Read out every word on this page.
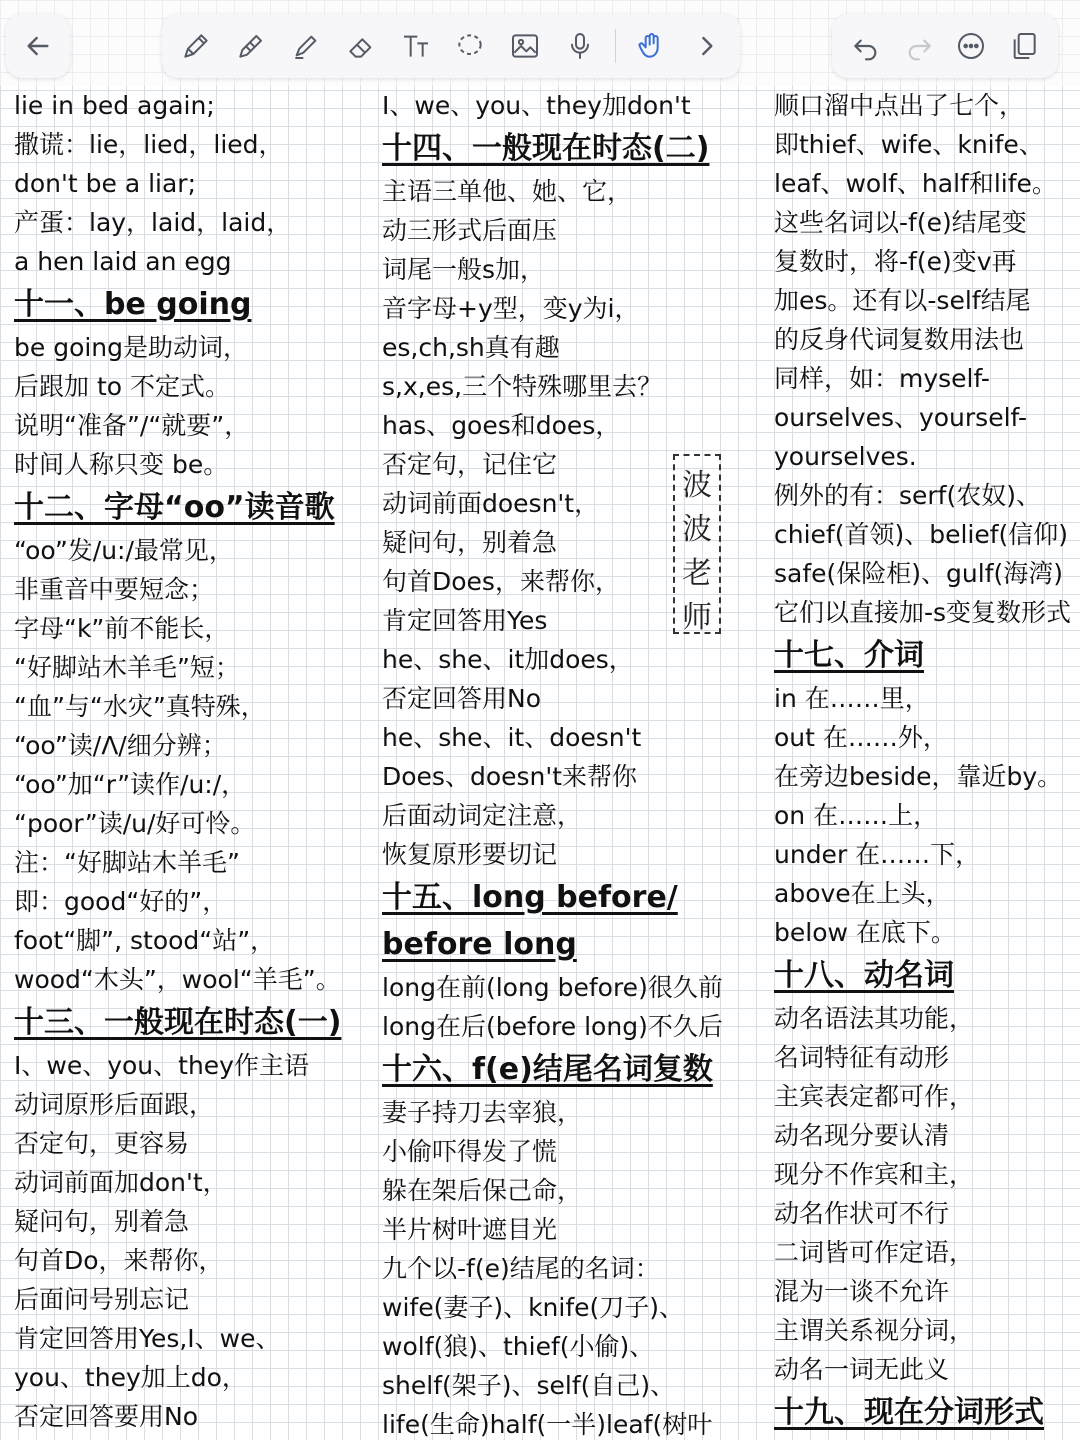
lie in bed again;
撒谎：lie，lied，lied，
don't be a liar;
产蛋：lay，laid，laid，
a hen laid an egg
十一、be going
be going是助动词，
后跟加 to 不定式。
说明“准备”/“就要”，
时间人称只变 be。
十二、字母“oo”读音歌
“oo”发/u:/最常见，
非重音中要短念；
字母“k”前不能长，
“好脚站木羊毛”短；
“血”与“水灾”真特殊，
“oo”读/Λ/细分辨；
“oo”加“r”读作/u:/，
“poor”读/u/好可怜。
注：“好脚站木羊毛”
即：good“好的”，
foot“脚”, stood“站”，
wood“木头”，wool“羊毛”。
十三、一般现在时态(一)
I、we、you、they作主语
动词原形后面跟，
否定句，更容易
动词前面加don't，
疑问句，别着急
句首Do，来帮你，
后面问号别忘记
肯定回答用Yes,I、we、
you、they加上do，
否定回答要用No
I、we、you、they加don't
十四、一般现在时态(二)
主语三单他、她、它，
动三形式后面压
词尾一般s加，
音字母+y型，变y为i，
es,ch,sh真有趣
s,x,es,三个特殊哪里去？
has、goes和does，
否定句，记住它
动词前面doesn't，
疑问句，别着急
句首Does，来帮你，
肯定回答用Yes
he、she、it加does，
否定回答用No
he、she、it、doesn't
Does、doesn't来帮你
后面动词定注意，
恢复原形要切记
十五、long before/
before long
long在前(long before)很久前
long在后(before long)不久后
十六、f(e)结尾名词复数
妻子持刀去宰狼，
小偷吓得发了慌
躲在架后保己命，
半片树叶遮目光
九个以-f(e)结尾的名词：
wife(妻子)、knife(刀子)、
wolf(狼)、thief(小偷)、
shelf(架子)、self(自己)、
life(生命)half(一半)leaf(树叶
波
波
老
师
顺口溜中点出了七个，
即thief、wife、knife、
leaf、wolf、half和life。
这些名词以-f(e)结尾变
复数时，将-f(e)变v再
加es。还有以-self结尾
的反身代词复数用法也
同样，如：myself-
ourselves、yourself-
yourselves.
例外的有：serf(农奴)、
chief(首领)、belief(信仰)
safe(保险柜)、gulf(海湾)
它们以直接加-s变复数形式
十七、介词
in 在……里，
out 在……外，
在旁边beside，靠近by。
on 在……上，
under 在……下，
above在上头，
below 在底下。
十八、动名词
动名语法其功能，
名词特征有动形
主宾表定都可作，
动名现分要认清
现分不作宾和主，
动名作状可不行
二词皆可作定语，
混为一谈不允许
主谓关系视分词，
动名一词无此义
十九、现在分词形式
